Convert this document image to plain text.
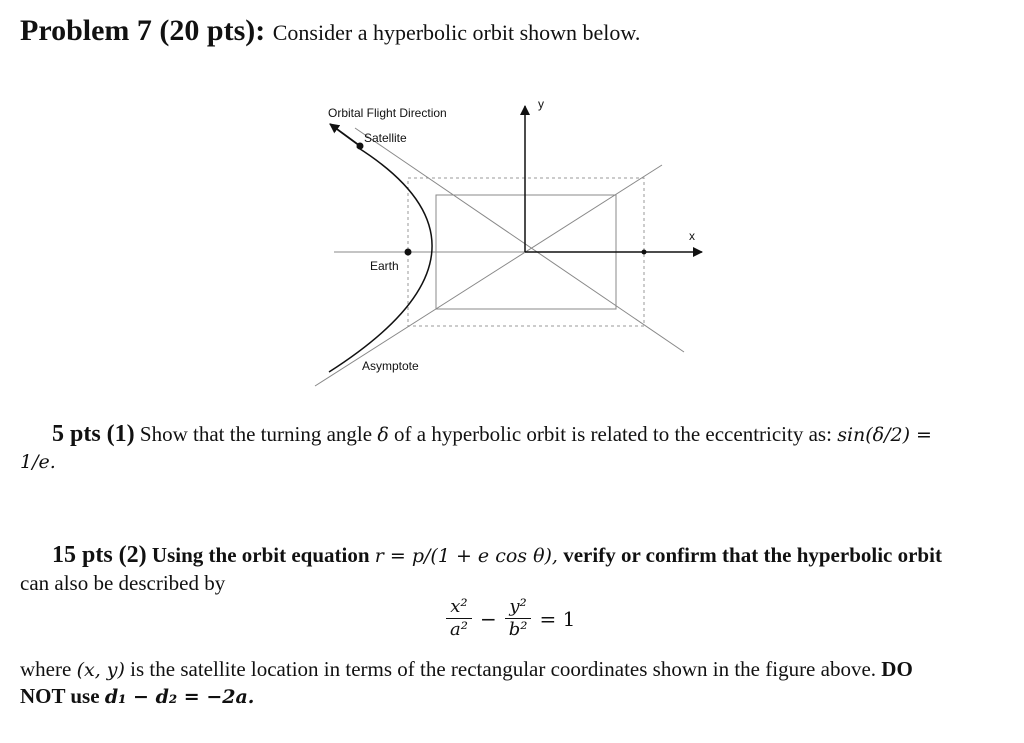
Problem 7 (20 pts): Consider a hyperbolic orbit shown below.
Orbital Flight Direction
Satellite
Earth
Asymptote
y
x
5 pts (1) Show that the turning angle δ of a hyperbolic orbit is related to the eccentricity as: sin(δ/2) =
1/e.
15 pts (2) Using the orbit equation r = p/(1 + e cos θ), verify or confirm that the hyperbolic orbit
can also be described by
$\frac{\text{x²}}{\text{a²}} - \frac{\text{y²}}{\text{b²}} = 1$
where (x, y) is the satellite location in terms of the rectangular coordinates shown in the figure above. DO
NOT use d₁ − d₂ = −2a.
